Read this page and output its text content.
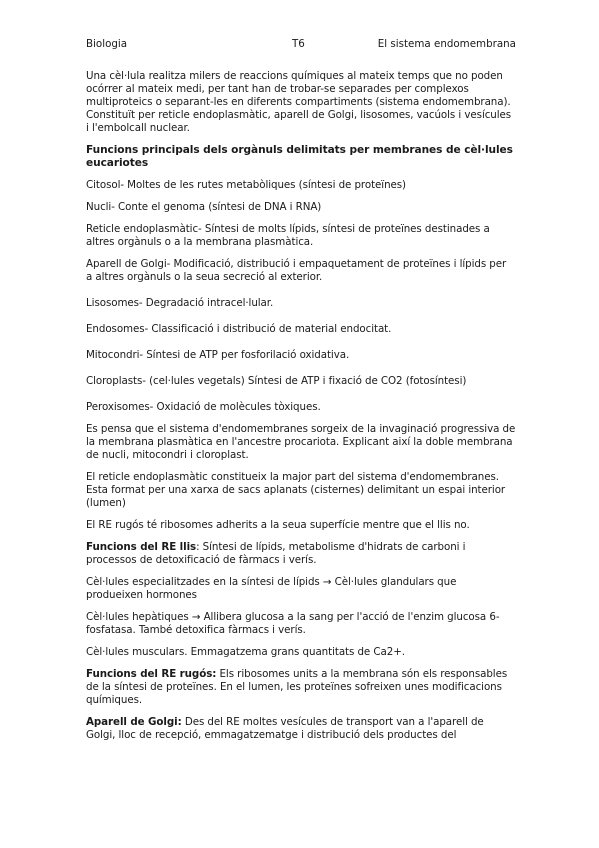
Biologia	T6	El sistema endomembrana

Una cèl·lula realitza milers de reaccions químiques al mateix temps que no poden ocórrer al mateix medi, per tant han de trobar-se separades per complexos multiproteics o separant-les en diferents compartiments (sistema endomembrana). Constituït per reticle endoplasmàtic, aparell de Golgi, lisosomes, vacúols i vesícules i l'embolcall nuclear.

Funcions principals dels orgànuls delimitats per membranes de cèl·lules eucariotes

Citosol- Moltes de les rutes metabòliques (síntesi de proteïnes)

Nucli- Conte el genoma (síntesi de DNA i RNA)

Reticle endoplasmàtic- Síntesi de molts lípids, síntesi de proteïnes destinades a altres orgànuls o a la membrana plasmàtica.

Aparell de Golgi- Modificació, distribució i empaquetament de proteïnes i lípids per

a altres orgànuls o la seua secreció al exterior.

Lisosomes- Degradació intracel·lular.

Endosomes- Classificació i distribució de material endocitat.

Mitocondri- Síntesi de ATP per fosforilació oxidativa.

Cloroplasts- (cel·lules vegetals) Síntesi de ATP i fixació de CO2 (fotosíntesi)

Peroxisomes- Oxidació de molècules tòxiques.

Es pensa que el sistema d'endomembranes sorgeix de la invaginació progressiva de la membrana plasmàtica en l'ancestre procariota. Explicant així la doble membrana de nucli, mitocondri i cloroplast.

El reticle endoplasmàtic constitueix la major part del sistema d'endomembranes. Esta format per una xarxa de sacs aplanats (cisternes) delimitant un espai interior (lumen)

El RE rugós té ribosomes adherits a la seua superfície mentre que el llis no.

Funcions del RE llis: Síntesi de lípids, metabolisme d'hidrats de carboni i processos de detoxificació de fàrmacs i verís.

Cèl·lules especialitzades en la síntesi de lípids → Cèl·lules glandulars que produeixen hormones

Cèl·lules hepàtiques → Allibera glucosa a la sang per l'acció de l'enzim glucosa 6-fosfatasa. També detoxifica fàrmacs i verís.

Cèl·lules musculars. Emmagatzema grans quantitats de Ca2+.

Funcions del RE rugós: Els ribosomes units a la membrana són els responsables de la síntesi de proteïnes. En el lumen, les proteïnes sofreixen unes modificacions químiques.

Aparell de Golgi: Des del RE moltes vesícules de transport van a l'aparell de Golgi, lloc de recepció, emmagatzematge i distribució dels productes del
